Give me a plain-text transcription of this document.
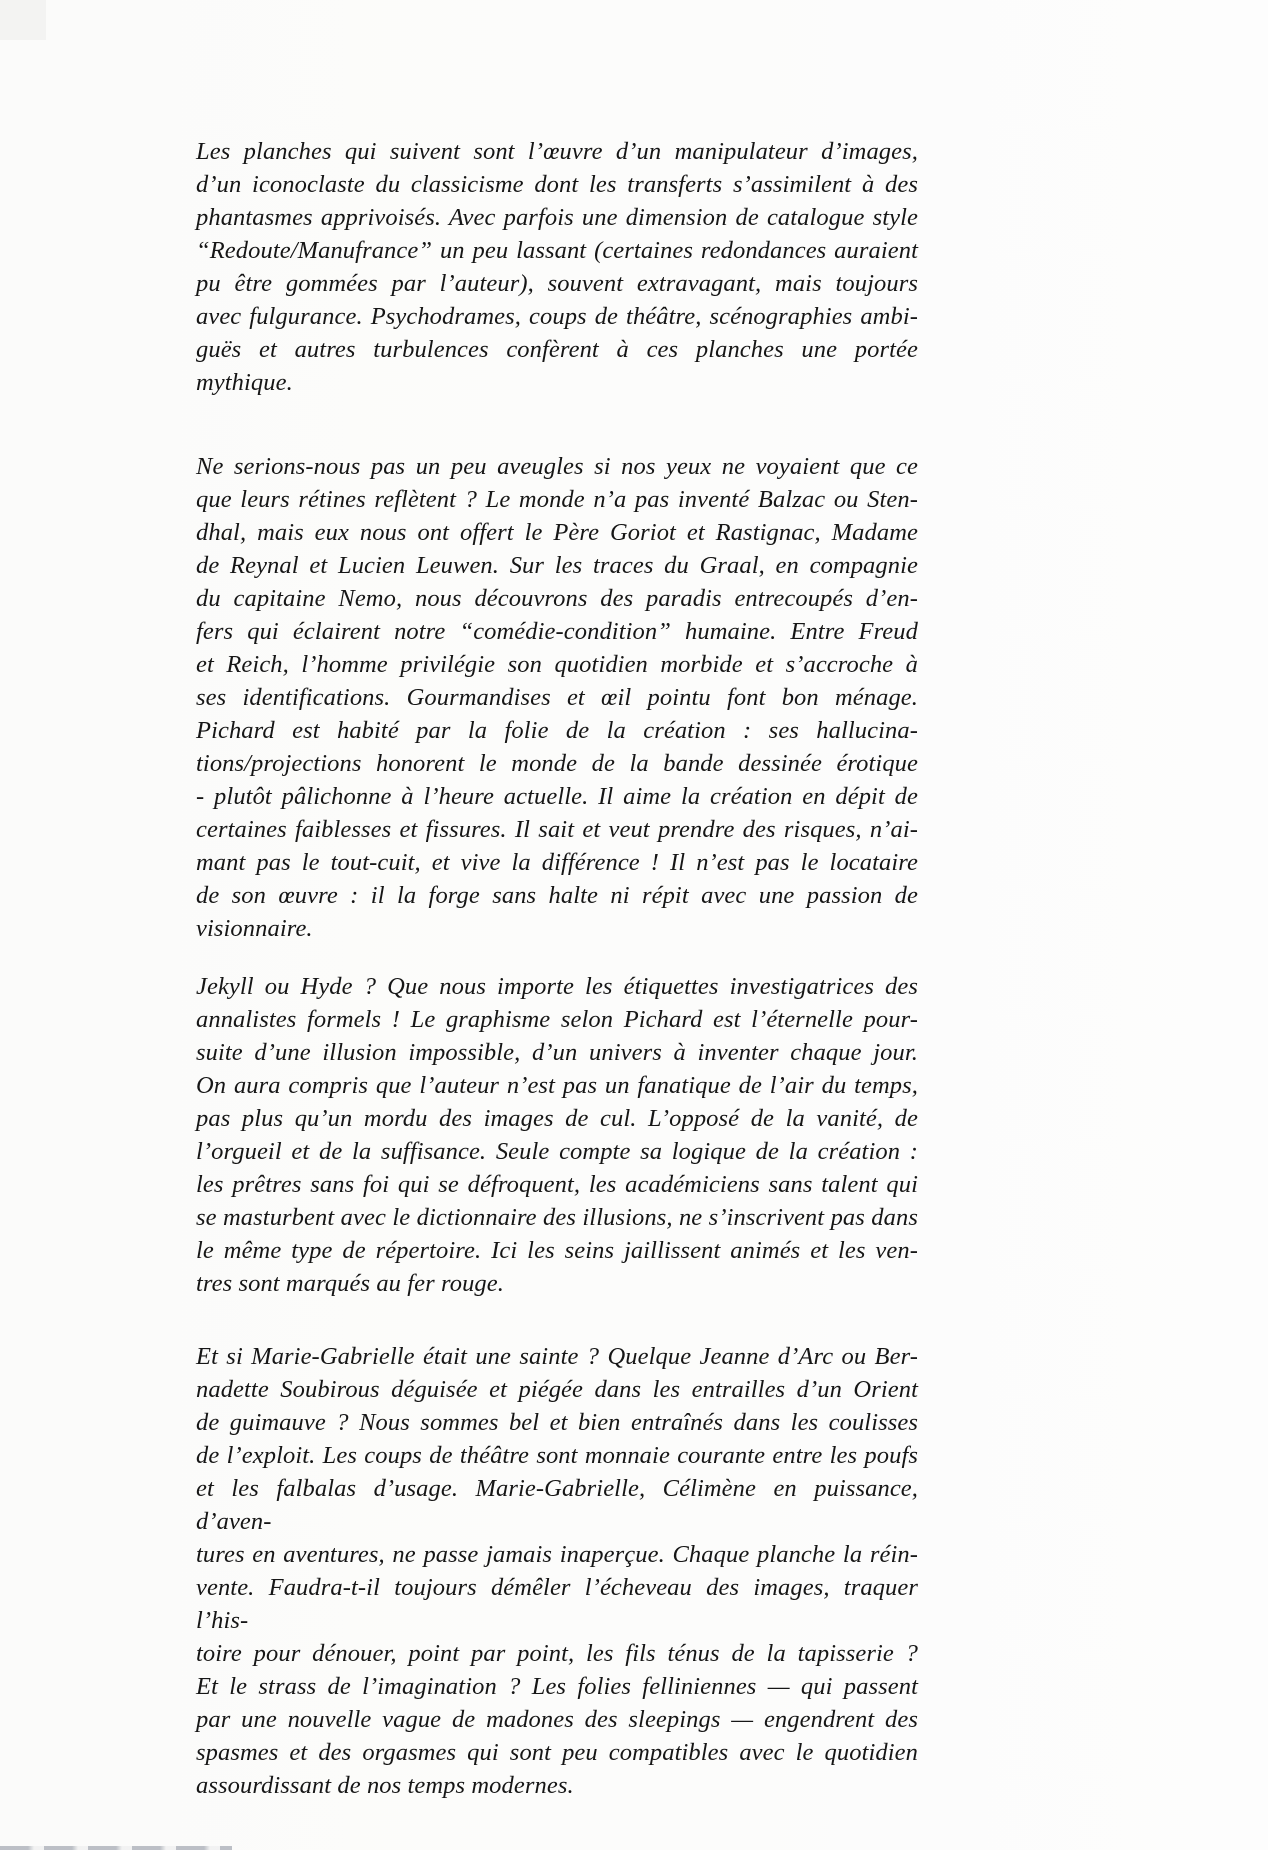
Les planches qui suivent sont l’œuvre d’un manipulateur d’images,
d’un iconoclaste du classicisme dont les transferts s’assimilent à des
phantasmes apprivoisés. Avec parfois une dimension de catalogue style
“Redoute/Manufrance” un peu lassant (certaines redondances auraient
pu être gommées par l’auteur), souvent extravagant, mais toujours
avec fulgurance. Psychodrames, coups de théâtre, scénographies ambi-
guës et autres turbulences confèrent à ces planches une portée
mythique.
Ne serions-nous pas un peu aveugles si nos yeux ne voyaient que ce
que leurs rétines reflètent ? Le monde n’a pas inventé Balzac ou Sten-
dhal, mais eux nous ont offert le Père Goriot et Rastignac, Madame
de Reynal et Lucien Leuwen. Sur les traces du Graal, en compagnie
du capitaine Nemo, nous découvrons des paradis entrecoupés d’en-
fers qui éclairent notre “comédie-condition” humaine. Entre Freud
et Reich, l’homme privilégie son quotidien morbide et s’accroche à
ses identifications. Gourmandises et œil pointu font bon ménage.
Pichard est habité par la folie de la création : ses hallucina-
tions/projections honorent le monde de la bande dessinée érotique
- plutôt pâlichonne à l’heure actuelle. Il aime la création en dépit de
certaines faiblesses et fissures. Il sait et veut prendre des risques, n’ai-
mant pas le tout-cuit, et vive la différence ! Il n’est pas le locataire
de son œuvre : il la forge sans halte ni répit avec une passion de
visionnaire.
Jekyll ou Hyde ? Que nous importe les étiquettes investigatrices des
annalistes formels ! Le graphisme selon Pichard est l’éternelle pour-
suite d’une illusion impossible, d’un univers à inventer chaque jour.
On aura compris que l’auteur n’est pas un fanatique de l’air du temps,
pas plus qu’un mordu des images de cul. L’opposé de la vanité, de
l’orgueil et de la suffisance. Seule compte sa logique de la création :
les prêtres sans foi qui se défroquent, les académiciens sans talent qui
se masturbent avec le dictionnaire des illusions, ne s’inscrivent pas dans
le même type de répertoire. Ici les seins jaillissent animés et les ven-
tres sont marqués au fer rouge.
Et si Marie-Gabrielle était une sainte ? Quelque Jeanne d’Arc ou Ber-
nadette Soubirous déguisée et piégée dans les entrailles d’un Orient
de guimauve ? Nous sommes bel et bien entraînés dans les coulisses
de l’exploit. Les coups de théâtre sont monnaie courante entre les poufs
et les falbalas d’usage. Marie-Gabrielle, Célimène en puissance, d’aven-
tures en aventures, ne passe jamais inaperçue. Chaque planche la réin-
vente. Faudra-t-il toujours démêler l’écheveau des images, traquer l’his-
toire pour dénouer, point par point, les fils ténus de la tapisserie ?
Et le strass de l’imagination ? Les folies felliniennes — qui passent
par une nouvelle vague de madones des sleepings — engendrent des
spasmes et des orgasmes qui sont peu compatibles avec le quotidien
assourdissant de nos temps modernes.
